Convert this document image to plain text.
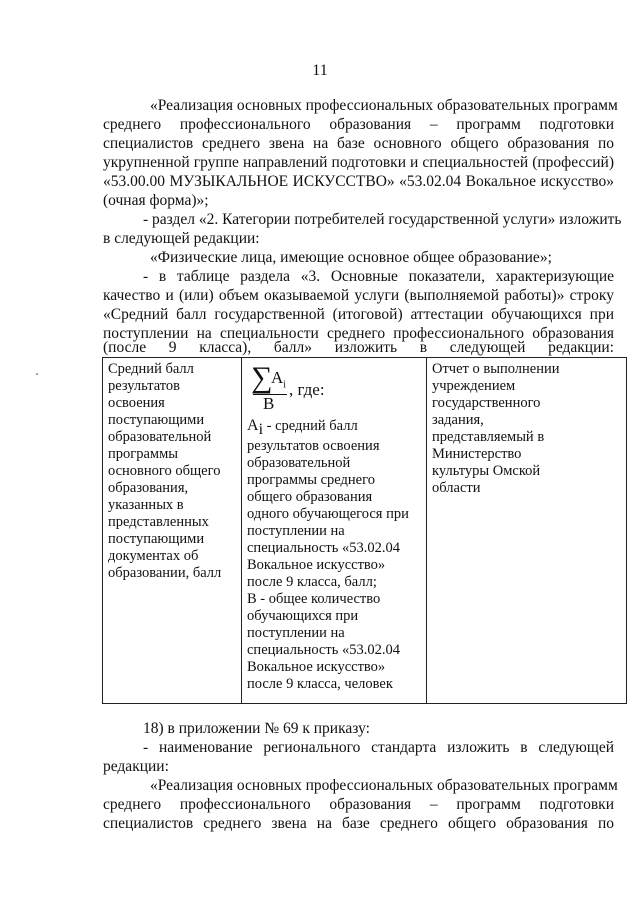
11
«Реализация основных профессиональных образовательных программ
среднего профессионального образования – программ подготовки
специалистов среднего звена на базе основного общего образования по
укрупненной группе направлений подготовки и специальностей (профессий)
«53.00.00 МУЗЫКАЛЬНОЕ ИСКУССТВО» «53.02.04 Вокальное искусство»
(очная форма)»;
- раздел «2. Категории потребителей государственной услуги» изложить
в следующей редакции:
«Физические лица, имеющие основное общее образование»;
- в таблице раздела «3. Основные показатели, характеризующие
качество и (или) объем оказываемой услуги (выполняемой работы)» строку
«Средний балл государственной (итоговой) аттестации обучающихся при
поступлении на специальности среднего профессионального образования
(после 9 класса), балл» изложить в следующей редакции:
Средний балл
результатов
освоения
поступающими
образовательной
программы
основного общего
образования,
указанных в
представленных
поступающими
документах об
образовании, балл

∑
$A_i$
B
, где:
$A_i$ - средний балл
результатов освоения
образовательной
программы среднего
общего образования
одного обучающегося при
поступлении на
специальность «53.02.04
Вокальное искусство»
после 9 класса, балл;
B - общее количество
обучающихся при
поступлении на
специальность «53.02.04
Вокальное искусство»
после 9 класса, человек

Отчет о выполнении
учреждением
государственного
задания,
представляемый в
Министерство
культуры Омской
области
18) в приложении № 69 к приказу:
- наименование регионального стандарта изложить в следующей
редакции:
«Реализация основных профессиональных образовательных программ
среднего профессионального образования – программ подготовки
специалистов среднего звена на базе среднего общего образования по
